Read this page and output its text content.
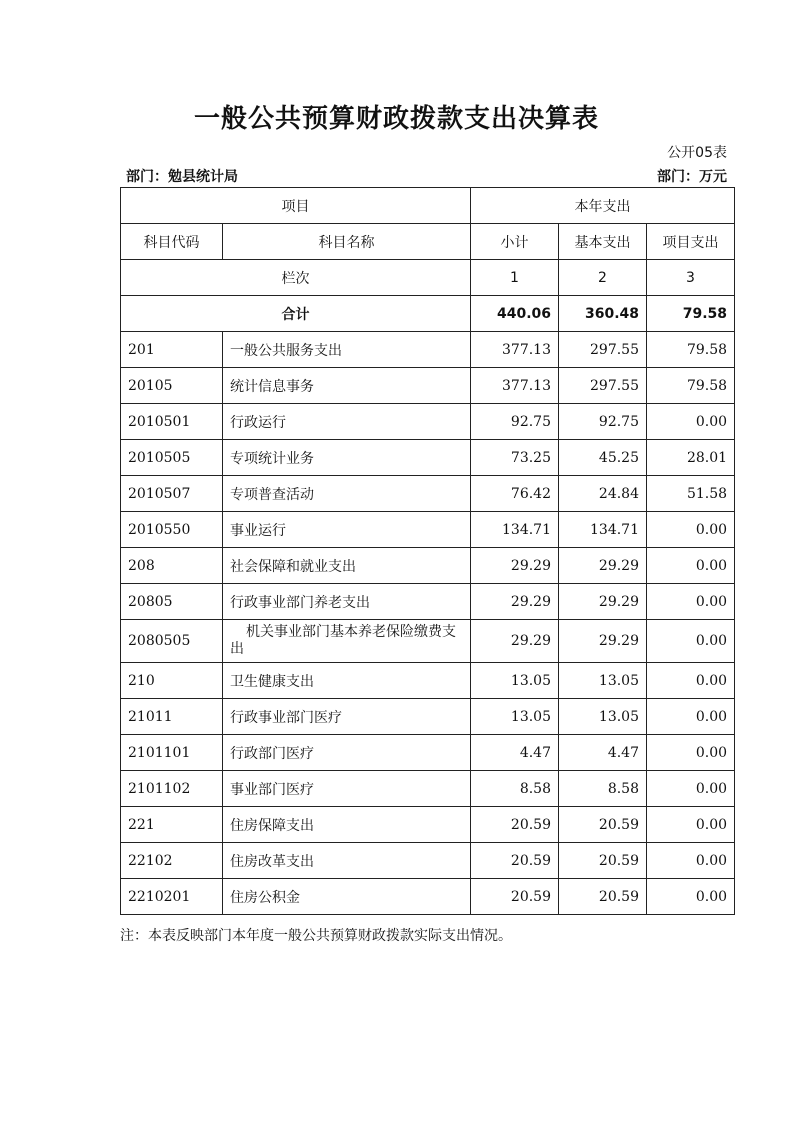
一般公共预算财政拨款支出决算表
公开05表
部门：勉县统计局	部门：万元
项目		本年支出		
科目代码	科目名称	小计	基本支出	项目支出
栏次		1	2	3
合计		440.06	360.48	79.58
201	一般公共服务支出	377.13	297.55	79.58
20105	统计信息事务	377.13	297.55	79.58
2010501	行政运行	92.75	92.75	0.00
2010505	专项统计业务	73.25	45.25	28.01
2010507	专项普查活动	76.42	24.84	51.58
2010550	事业运行	134.71	134.71	0.00
208	社会保障和就业支出	29.29	29.29	0.00
20805	行政事业部门养老支出	29.29	29.29	0.00
2080505	机关事业部门基本养老保险缴费支出	29.29	29.29	0.00
210	卫生健康支出	13.05	13.05	0.00
21011	行政事业部门医疗	13.05	13.05	0.00
2101101	行政部门医疗	4.47	4.47	0.00
2101102	事业部门医疗	8.58	8.58	0.00
221	住房保障支出	20.59	20.59	0.00
22102	住房改革支出	20.59	20.59	0.00
2210201	住房公积金	20.59	20.59	0.00
注：本表反映部门本年度一般公共预算财政拨款实际支出情况。
